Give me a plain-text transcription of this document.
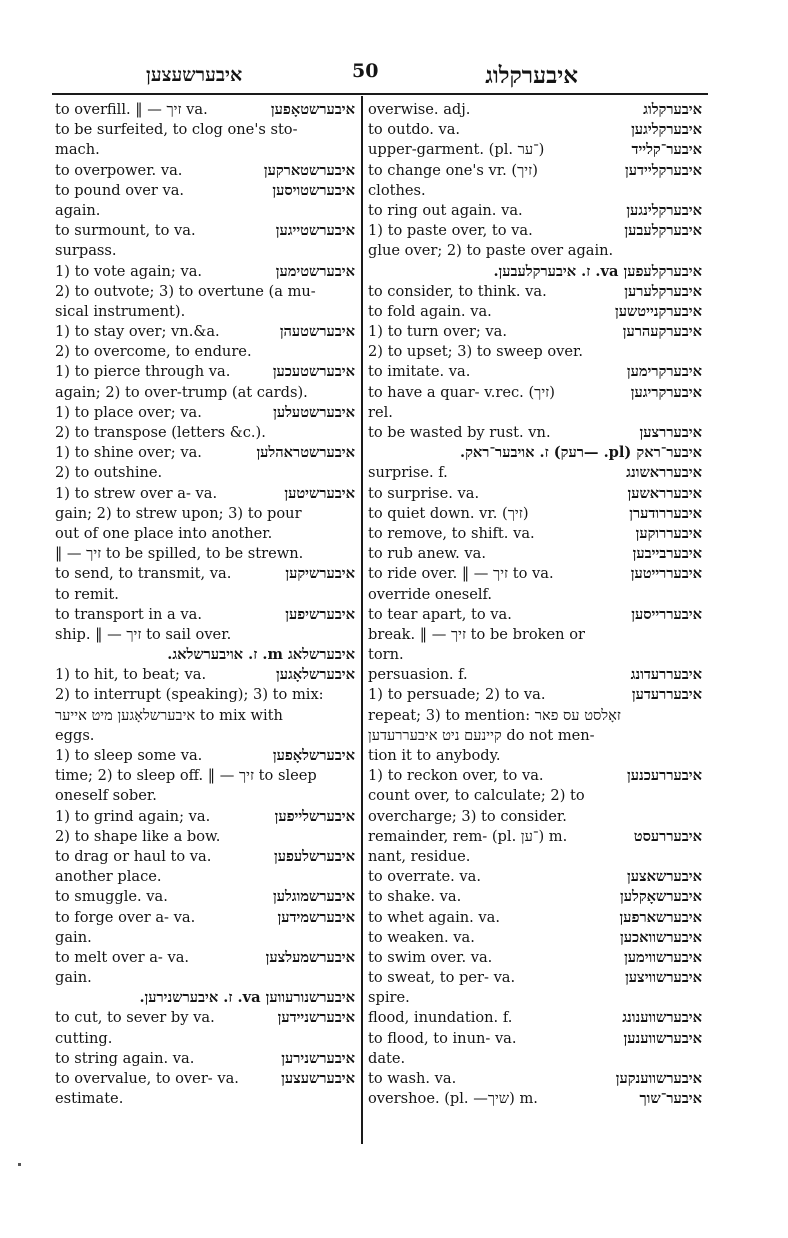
איבערשעצען	50	איבערקלוג
to overfill. ‖ — זיך va.	איבערשטאָפען
to be surfeited, to clog one's sto-
mach.
to overpower. va.	איבערשטארקען
to pound over va.	איבערשטויסען
again.
to surmount, to va.	איבערשטייגען
surpass.
1) to vote again; va.	איבערשטימען
2) to outvote; 3) to overtune (a mu-
sical instrument).
1) to stay over; vn.&a.	איבערשטעהן
2) to overcome, to endure.
1) to pierce through va.	איבערשטעכען
again; 2) to over-trump (at cards).
1) to place over; va.	איבערשטעלען
2) to transpose (letters &c.).
1) to shine over; va.	איבערשטראהלען
2) to outshine.
1) to strew over a- va.	איבערשיטען
gain; 2) to strew upon; 3) to pour
out of one place into another.
‖ — זיך to be spilled, to be strewn.
to send, to transmit, va.	איבערשיקען
to remit.
to transport in a va.	איבערשיפען
ship. ‖ — זיך to sail over.
איבערשלאג m. ז. אויבערשלאג.
1) to hit, to beat; va.	איבערשלאָגען
2) to interrupt (speaking); 3) to mix:
איבערשלאָגען מיט אייער to mix with
eggs.
1) to sleep some va.	איבערשלאָפען
time; 2) to sleep off. ‖ — זיך to sleep
oneself sober.
1) to grind again; va.	איבערשלייפען
2) to shape like a bow.
to drag or haul to va.	איבערשלעפען
another place.
to smuggle. va.	איבערשמוגלען
to forge over a- va.	איבערשמידען
gain.
to melt over a- va.	איבערשמעלצען
gain.
איבערשנורעווען va. ז. איבערשנירען.
to cut, to sever by va.	איבערשניידען
cutting.
to string again. va.	איבערשנירען
to overvalue, to over- va.	איבערשעצען
estimate.
overwise. adj.	איבערקלוג
to outdo. va.	איבערקליגען
upper-garment. (pl. ־ער)	איבער־קלייד
to change one's vr. (זיך)	איבערקליידען
clothes.
to ring out again. va.	איבערקלינגען
1) to paste over, to va.	איבערקלעבען
glue over; 2) to paste over again.
איבערקלעפען va. ז. איבערקלעבען.
to consider, to think. va.	איבערקלערען
to fold again. va.	איבערקנייטשען
1) to turn over; va.	איבערקעהרען
2) to upset; 3) to sweep over.
to imitate. va.	איבערקרימען
to have a quar- v.rec. (זיך)	איבערקריגען
rel.
to be wasted by rust. vn.	איבעררצען
איבער־ראק (pl. —רעק) ז. אויבער־ראק.
surprise. f.	איבערראשונג
to surprise. va.	איבערראשען
to quiet down. vr. (זיך)	איבעררודערן
to remove, to shift. va.	איבעררוקען
to rub anew. va.	איבערבייבען
to ride over. ‖ — זיך to va.	איבעררייטען
override oneself.
to tear apart, to va.	איבעררייסען
break. ‖ — זיך to be broken or
torn.
persuasion. f.	איבעררעדונג
1) to persuade; 2) to va.	איבעררעדען
repeat; 3) to mention: זאָלסט עס פאר
קיינעם ניט איבעררעדען do not men-
tion it to anybody.
1) to reckon over, to va.	איבעררעכנען
count over, to calculate; 2) to
overcharge; 3) to consider.
remainder, rem- (pl. ־ען) m.	איבעררעסט
nant, residue.
to overrate. va.	איבערשאצען
to shake. va.	איבערשאָקלען
to whet again. va.	איבערשארפען
to weaken. va.	איבערשוואכען
to swim over. va.	איבערשווימען
to sweat, to per- va.	איבערשוויצען
spire.
flood, inundation. f.	איבערשווענונג
to flood, to inun- va.	איבערשווענען
date.
to wash. va.	איבערשווענקען
overshoe. (pl. —שיך) m.	איבער־שוך
